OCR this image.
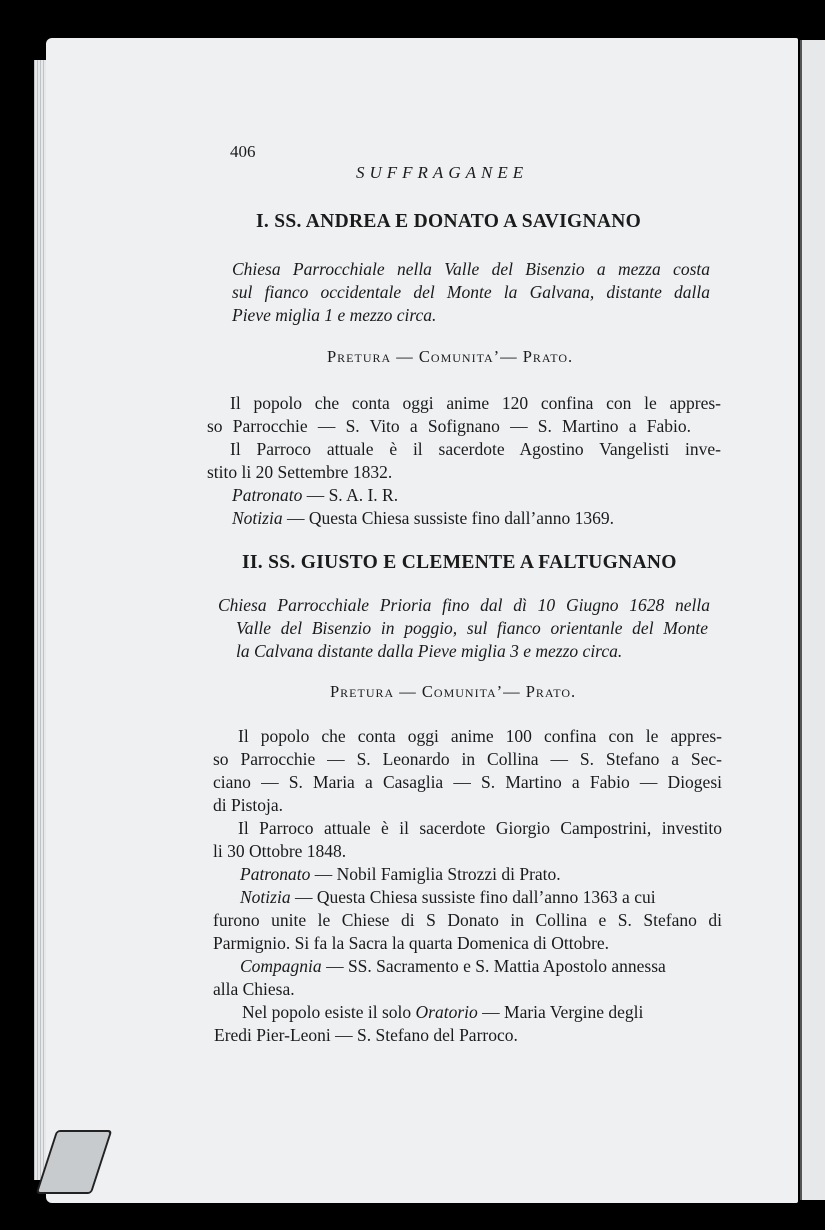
406
SUFFRAGANEE
I. SS. ANDREA E DONATO A SAVIGNANO
Chiesa Parrocchiale nella Valle del Bisenzio a mezza costa
sul fianco occidentale del Monte la Galvana, distante dalla
Pieve miglia 1 e mezzo circa.
Pretura — Comunita’— Prato.
Il popolo che conta oggi anime 120 confina con le appres-
so Parrocchie — S. Vito a Sofignano — S. Martino a Fabio.
Il Parroco attuale è il sacerdote Agostino Vangelisti inve-
stito li 20 Settembre 1832.
Patronato — S. A. I. R.
Notizia — Questa Chiesa sussiste fino dall’anno 1369.
II. SS. GIUSTO E CLEMENTE A FALTUGNANO
Chiesa Parrocchiale Prioria fino dal dì 10 Giugno 1628 nella
Valle del Bisenzio in poggio, sul fianco orientanle del Monte
la Calvana distante dalla Pieve miglia 3 e mezzo circa.
Pretura — Comunita’— Prato.
Il popolo che conta oggi anime 100 confina con le appres-
so Parrocchie — S. Leonardo in Collina — S. Stefano a Sec-
ciano — S. Maria a Casaglia — S. Martino a Fabio — Diogesi
di Pistoja.
Il Parroco attuale è il sacerdote Giorgio Campostrini, investito
li 30 Ottobre 1848.
Patronato — Nobil Famiglia Strozzi di Prato.
Notizia — Questa Chiesa sussiste fino dall’anno 1363 a cui
furono unite le Chiese di S Donato in Collina e S. Stefano di
Parmignio. Si fa la Sacra la quarta Domenica di Ottobre.
Compagnia — SS. Sacramento e S. Mattia Apostolo annessa
alla Chiesa.
Nel popolo esiste il solo Oratorio — Maria Vergine degli
Eredi Pier-Leoni — S. Stefano del Parroco.
